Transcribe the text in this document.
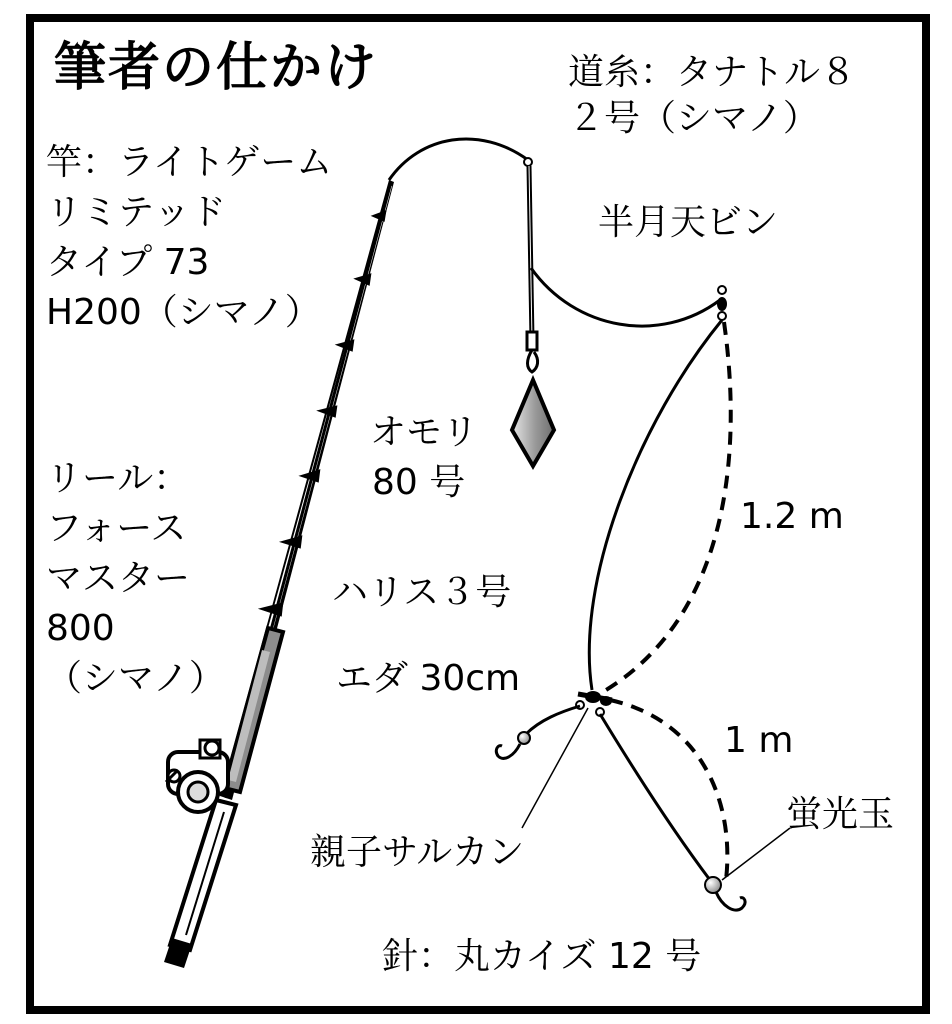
筆者の仕かけ	道糸：タナトル８

２号（シマノ）

竿：ライトゲーム

リミテッド

タイプ 73

H200（シマノ）

半月天ビン

オモリ

80 号

リール：

フォース

マスター

800

（シマノ）

ハリス３号

エダ 30cm

1.2 m

1 m

親子サルカン

蛍光玉

針：丸カイズ 12 号
